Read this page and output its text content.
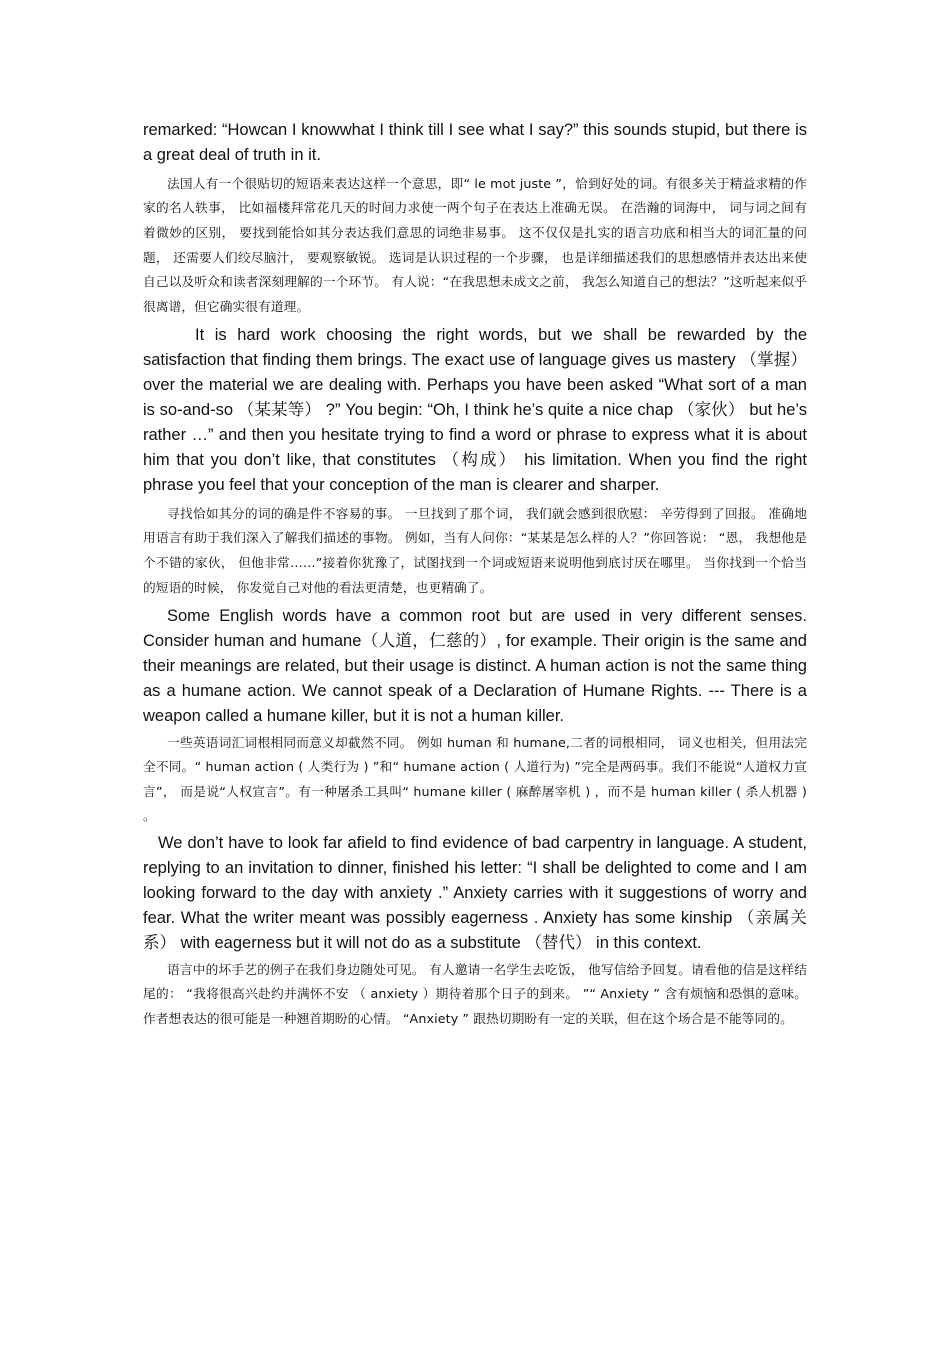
remarked: “Howcan I knowwhat I think till I see what I say?” this sounds stupid, but there is a great deal of truth in it.

法国人有一个很贴切的短语来表达这样一个意思，即“ le mot juste ”，恰到好处的词。有很多关于精益求精的作家的名人轶事， 比如福楼拜常花几天的时间力求使一两个句子在表达上准确无误。 在浩瀚的词海中， 词与词之间有着微妙的区别， 要找到能恰如其分表达我们意思的词绝非易事。 这不仅仅是扎实的语言功底和相当大的词汇量的问题， 还需要人们绞尽脑汁， 要观察敏锐。 选词是认识过程的一个步骤， 也是详细描述我们的思想感情并表达出来使自己以及听众和读者深刻理解的一个环节。 有人说：“在我思想未成文之前， 我怎么知道自己的想法？”这听起来似乎很离谱，但它确实很有道理。

It is hard work choosing the right words, but we shall be rewarded by the satisfaction that finding them brings. The exact use of language gives us mastery （掌握） over the material we are dealing with. Perhaps you have been asked “What sort of a man is so-and-so （某某等） ?” You begin: “Oh, I think he’s quite a nice chap （家伙） but he’s rather …” and then you hesitate trying to find a word or phrase to express what it is about him that you don’t like, that constitutes （构成） his limitation. When you find the right phrase you feel that your conception of the man is clearer and sharper.

寻找恰如其分的词的确是件不容易的事。 一旦找到了那个词， 我们就会感到很欣慰： 辛劳得到了回报。 准确地用语言有助于我们深入了解我们描述的事物。 例如，当有人问你：“某某是怎么样的人？”你回答说： “恩， 我想他是个不错的家伙， 但他非常……”接着你犹豫了，试图找到一个词或短语来说明他到底讨厌在哪里。 当你找到一个恰当的短语的时候， 你发觉自己对他的看法更清楚，也更精确了。

Some English words have a common root but are used in very different senses. Consider human and humane（人道，仁慈的）, for example. Their origin is the same and their meanings are related, but their usage is distinct. A human action is not the same thing as a humane action. We cannot speak of a Declaration of Humane Rights. --- There is a weapon called a humane killer, but it is not a human killer.

一些英语词汇词根相同而意义却截然不同。 例如 human 和 humane,二者的词根相同， 词义也相关，但用法完全不同。“ human action ( 人类行为 ) ”和“ humane action ( 人道行为) ”完全是两码事。我们不能说“人道权力宣言”， 而是说“人权宣言”。有一种屠杀工具叫“ humane killer ( 麻醉屠宰机 ) ，而不是 human killer ( 杀人机器 ) 。

We don’t have to look far afield to find evidence of bad carpentry in language. A student, replying to an invitation to dinner, finished his letter: “I shall be delighted to come and I am looking forward to the day with anxiety .” Anxiety carries with it suggestions of worry and fear. What the writer meant was possibly eagerness . Anxiety has some kinship （亲属关系） with eagerness but it will not do as a substitute （替代） in this context.

语言中的坏手艺的例子在我们身边随处可见。 有人邀请一名学生去吃饭， 他写信给予回复。请看他的信是这样结尾的： “我将很高兴赴约并满怀不安 （ anxiety ）期待着那个日子的到来。 ”“ Anxiety ” 含有烦恼和恐惧的意味。作者想表达的很可能是一种翘首期盼的心情。 “Anxiety ” 跟热切期盼有一定的关联，但在这个场合是不能等同的。
